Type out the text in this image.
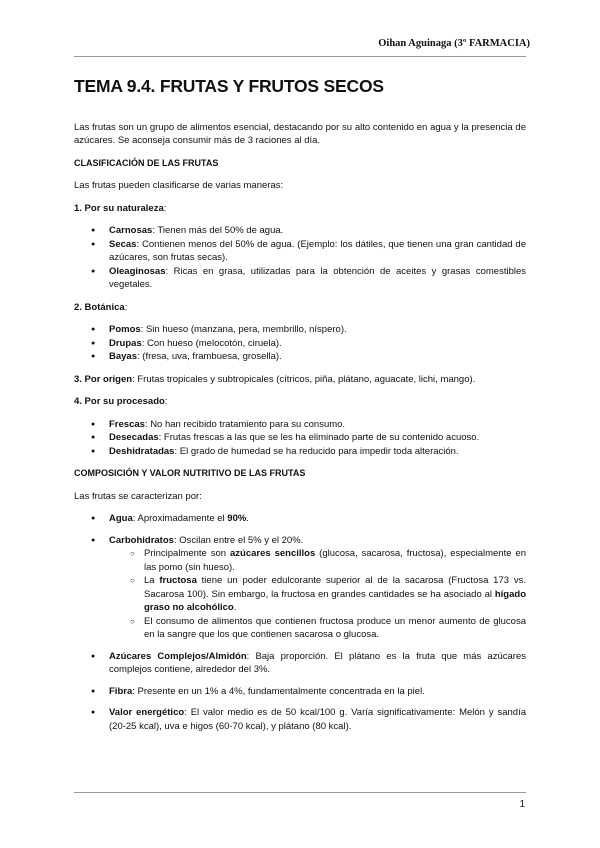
Oihan Aguinaga (3º FARMACIA)
TEMA 9.4. FRUTAS Y FRUTOS SECOS

Las frutas son un grupo de alimentos esencial, destacando por su alto contenido en agua y la presencia de azúcares. Se aconseja consumir más de 3 raciones al día.

CLASIFICACIÓN DE LAS FRUTAS

Las frutas pueden clasificarse de varias maneras:

1. Por su naturaleza:

● Carnosas: Tienen más del 50% de agua.
● Secas: Contienen menos del 50% de agua. (Ejemplo: los dátiles, que tienen una gran cantidad de azúcares, son frutas secas).
● Oleaginosas: Ricas en grasa, utilizadas para la obtención de aceites y grasas comestibles vegetales.

2. Botánica:

● Pomos: Sin hueso (manzana, pera, membrillo, níspero).
● Drupas: Con hueso (melocotón, ciruela).
● Bayas: (fresa, uva, frambuesa, grosella).

3. Por origen: Frutas tropicales y subtropicales (cítricos, piña, plátano, aguacate, lichi, mango).

4. Por su procesado:

● Frescas: No han recibido tratamiento para su consumo.
● Desecadas: Frutas frescas a las que se les ha eliminado parte de su contenido acuoso.
● Deshidratadas: El grado de humedad se ha reducido para impedir toda alteración.
COMPOSICIÓN Y VALOR NUTRITIVO DE LAS FRUTAS

Las frutas se caracterizan por:

● Agua: Aproximadamente el 90%.
● Carbohidratos: Oscilan entre el 5% y el 20%.
○ Principalmente son azúcares sencillos (glucosa, sacarosa, fructosa), especialmente en las pomo (sin hueso).
○ La fructosa tiene un poder edulcorante superior al de la sacarosa (Fructosa 173 vs. Sacarosa 100). Sin embargo, la fructosa en grandes cantidades se ha asociado al hígado graso no alcohólico.
○ El consumo de alimentos que contienen fructosa produce un menor aumento de glucosa en la sangre que los que contienen sacarosa o glucosa.
● Azúcares Complejos/Almidón: Baja proporción. El plátano es la fruta que más azúcares complejos contiene, alrededor del 3%.
● Fibra: Presente en un 1% a 4%, fundamentalmente concentrada en la piel.
● Valor energético: El valor medio es de 50 kcal/100 g. Varía significativamente: Melón y sandía (20-25 kcal), uva e higos (60-70 kcal), y plátano (80 kcal).
1
